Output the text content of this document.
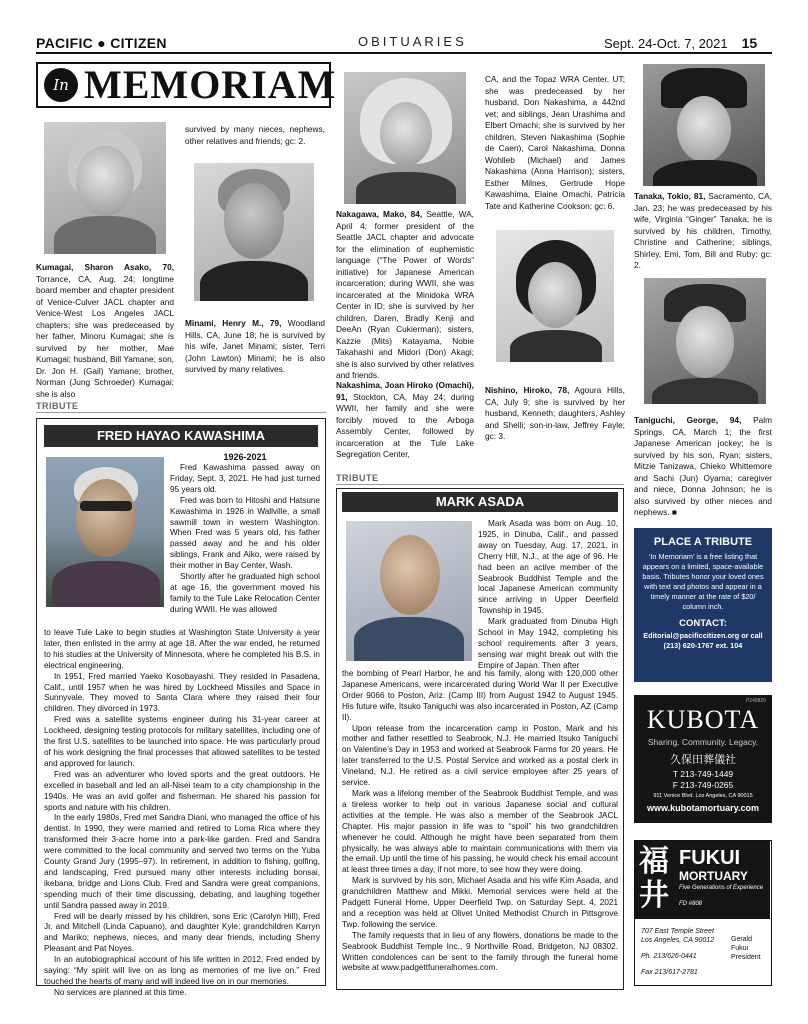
PACIFIC ● CITIZEN	OBITUARIES	Sept. 24-Oct. 7, 2021 15
In MEMORIAM

Kumagai, Sharon Asako, 70, Torrance, CA, Aug. 24; longtime board member and chapter president of Venice-Culver JACL chapter and Venice-West Los Angeles JACL chapters; she was predeceased by her father, Minoru Kumagai; she is survived by her mother, Mae Kumagai; husband, Bill Yamane; son, Dr. Jon H. (Gail) Yamane; brother, Norman (Jung Schroeder) Kumagai; she is also

survived by many nieces, nephews, other relatives and friends; gc: 2.

Minami, Henry M., 79, Woodland Hills, CA, June 18; he is survived by his wife, Janet Minami; sister, Terri (John Lawton) Minami; he is also survived by many relatives.

Nakagawa, Mako, 84, Seattle, WA, April 4; former president of the Seattle JACL chapter and advocate for the elimination of euphemistic language (“The Power of Words” initiative) for Japanese American incarceration; during WWII, she was incarcerated at the Minidoka WRA Center in ID; she is survived by her children, Daren, Bradly Kenji and DeeAn (Ryan Cukierman); sisters, Kazzie (Mits) Katayama, Nobie Takahashi and Midori (Don) Akagi; she is also survived by other relatives and friends.

Nakashima, Joan Hiroko (Omachi), 91, Stockton, CA, May 24; during WWII, her family and she were forcibly moved to the Arboga Assembly Center, followed by incarceration at the Tule Lake Segregation Center,

CA, and the Topaz WRA Center, UT; she was predeceased by her husband, Don Nakashima, a 442nd vet; and siblings, Jean Urashima and Elbert Omachi; she is survived by her children, Steven Nakashima (Sophie de Caen), Carol Nakashima, Donna Wohlleb (Michael) and James Nakashima (Anna Harrison); sisters, Esther Milnes, Gertrude Hope Kawashima, Elaine Omachi, Patricia Tate and Katherine Cookson; gc: 6.

Nishino, Hiroko, 78, Agoura Hills, CA, July 9; she is survived by her husband, Kenneth; daughters, Ashley and Shelli; son-in-law, Jeffrey Fayle; gc: 3.

Tanaka, Tokio, 81, Sacramento, CA, Jan. 23; he was predeceased by his wife, Virginia “Ginger” Tanaka; he is survived by his children, Timothy, Christine and Catherine; siblings, Shirley, Emi, Tom, Bill and Ruby; gc: 2.

Taniguchi, George, 94, Palm Springs, CA, March 1; the first Japanese American jockey; he is survived by his son, Ryan; sisters, Mitzie Tanizawa, Chieko Whittemore and Sachi (Jun) Oyama; caregiver and niece, Donna Johnson; he is also survived by other nieces and nephews. ■

TRIBUTE
FRED HAYAO KAWASHIMA
1926-2021

Fred Kawashima passed away on Friday, Sept. 3, 2021. He had just turned 95 years old.

Fred was born to Hitoshi and Hatsune Kawashima in 1926 in Wallville, a small sawmill town in western Washington. When Fred was 5 years old, his father passed away and he and his older siblings, Frank and Aiko, were raised by their mother in Bay Center, Wash.

Shortly after he graduated high school at age 16, the government moved his family to the Tule Lake Relocation Center during WWII. He was allowed

to leave Tule Lake to begin studies at Washington State University a year later, then enlisted in the army at age 18. After the war ended, he returned to his studies at the University of Minnesota, where he completed his B.S. in electrical engineering.

In 1951, Fred married Yaeko Kosobayashi. They resided in Pasadena, Calif., until 1957 when he was hired by Lockheed Missiles and Space in Sunnyvale. They moved to Santa Clara where they raised their four children. They divorced in 1973.

Fred was a satellite systems engineer during his 31-year career at Lockheed, designing testing protocols for military satellites, including one of the first U.S. satellites to be launched into space. He was particularly proud of his work designing the final processes that allowed satellites to be tested and approved for launch.

Fred was an adventurer who loved sports and the great outdoors. He excelled in baseball and led an all-Nisei team to a city championship in the 1940s. He was an avid golfer and fisherman. He shared his passion for sports and nature with his children.

In the early 1980s, Fred met Sandra Diani, who managed the office of his dentist. In 1990, they were married and retired to Loma Rica where they transformed their 3-acre home into a park-like garden. Fred and Sandra were committed to the local community and served two terms on the Yuba County Grand Jury (1995–97). In retirement, in addition to fishing, golfing, and landscaping, Fred pursued many other interests including bonsai, ikebana, bridge and Lions Club. Fred and Sandra were great companions, spending much of their time discussing, debating, and laughing together until Sandra passed away in 2019.

Fred will be dearly missed by his children, sons Eric (Carolyn Hill), Fred Jr. and Mitchell (Linda Capuano), and daughter Kyle; grandchildren Karryn and Mariko; nephews, nieces, and many dear friends, including Sherry Pleasant and Pat Noyes.

In an autobiographical account of his life written in 2012, Fred ended by saying: “My spirit will live on as long as memories of me live on.” Fred touched the hearts of many and will indeed live on in our memories.

No services are planned at this time.

TRIBUTE
MARK ASADA

Mark Asada was born on Aug. 10, 1925, in Dinuba, Calif., and passed away on Tuesday, Aug. 17, 2021. in Cherry Hill, N.J., at the age of 96. He had been an active member of the Seabrook Buddhist Temple and the local Japanese American community since arriving in Upper Deerfield Township in 1945.

Mark graduated from Dinuba High School in May 1942, completing his school requirements after 3 years, sensing war might break out with the Empire of Japan. Then after

the bombing of Pearl Harbor, he and his family, along with 120,000 other Japanese Americans, were incarcerated during World War II per Executive Order 9066 to Poston, Ariz. (Camp III) from August 1942 to August 1945. His future wife, Itsuko Taniguchi was also incarcerated in Poston, AZ (Camp II).

Upon release from the incarceration camp in Poston, Mark and his mother and father resettled to Seabrook, N.J. He married Itsuko Taniguchi on Valentine’s Day in 1953 and worked at Seabrook Farms for 20 years. He later transferred to the U.S. Postal Service and worked as a postal clerk in Vineland, N.J. He retired as a civil service employee after 25 years of service.

Mark was a lifelong member of the Seabrook Buddhist Temple, and was a tireless worker to help out in various Japanese social and cultural activities at the temple. He was also a member of the Seabrook JACL Chapter. His major passion in life was to “spoil” his two grandchildren whenever he could. Although he might have been separated from them physically, he was always able to maintain communications with them via the email. Up until the time of his passing, he would check his email account at least three times a day, if not more, to see how they were doing.

Mark is survived by his son, Michael Asada and his wife Kim Asada, and grandchildren Matthew and Mikki. Memorial services were held at the Padgett Funeral Home, Upper Deerfield Twp. on Saturday Sept. 4, 2021 and a reception was held at Olivet United Methodist Church in Pittsgrove Twp. following the service.

The family requests that in lieu of any flowers, donations be made to the Seabrook Buddhist Temple Inc., 9 Northville Road, Bridgeton, NJ 08302. Written condolences can be sent to the family through the funeral home website at www.padgettfuneralhomes.com.

PLACE A TRIBUTE
‘In Memoriam’ is a free listing that appears on a limited, space-available basis. Tributes honor your loved ones with text and photos and appear in a timely manner at the rate of $20/ column inch.
CONTACT:
Editorial@pacificcitizen.org or call (213) 620-1767 ext. 104
P249820
KUBOTA
Sharing. Community. Legacy.
久保田葬儀社
T 213-749-1449
F 213-749-0265
911 Venice Blvd. Los Angeles, CA 90015
www.kubotamortuary.com
福井
FUKUI
MORTUARY
Five Generations of Experience
FD #808
707 East Temple Street
Los Angeles, CA 90012
Ph. 213/626-0441
Fax 213/617-2781
Gerald Fukui President
